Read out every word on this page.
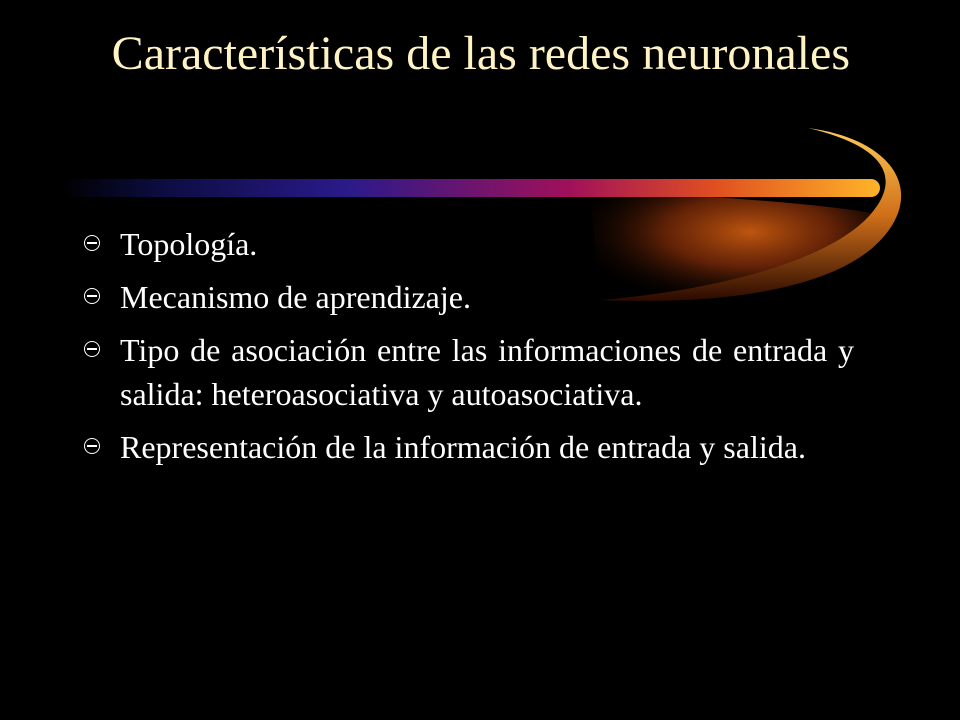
Características de las redes neuronales
Topología.
Mecanismo de aprendizaje.
Tipo de asociación entre las informaciones de entrada y salida: heteroasociativa y autoasociativa.
Representación de la información de entrada y salida.
